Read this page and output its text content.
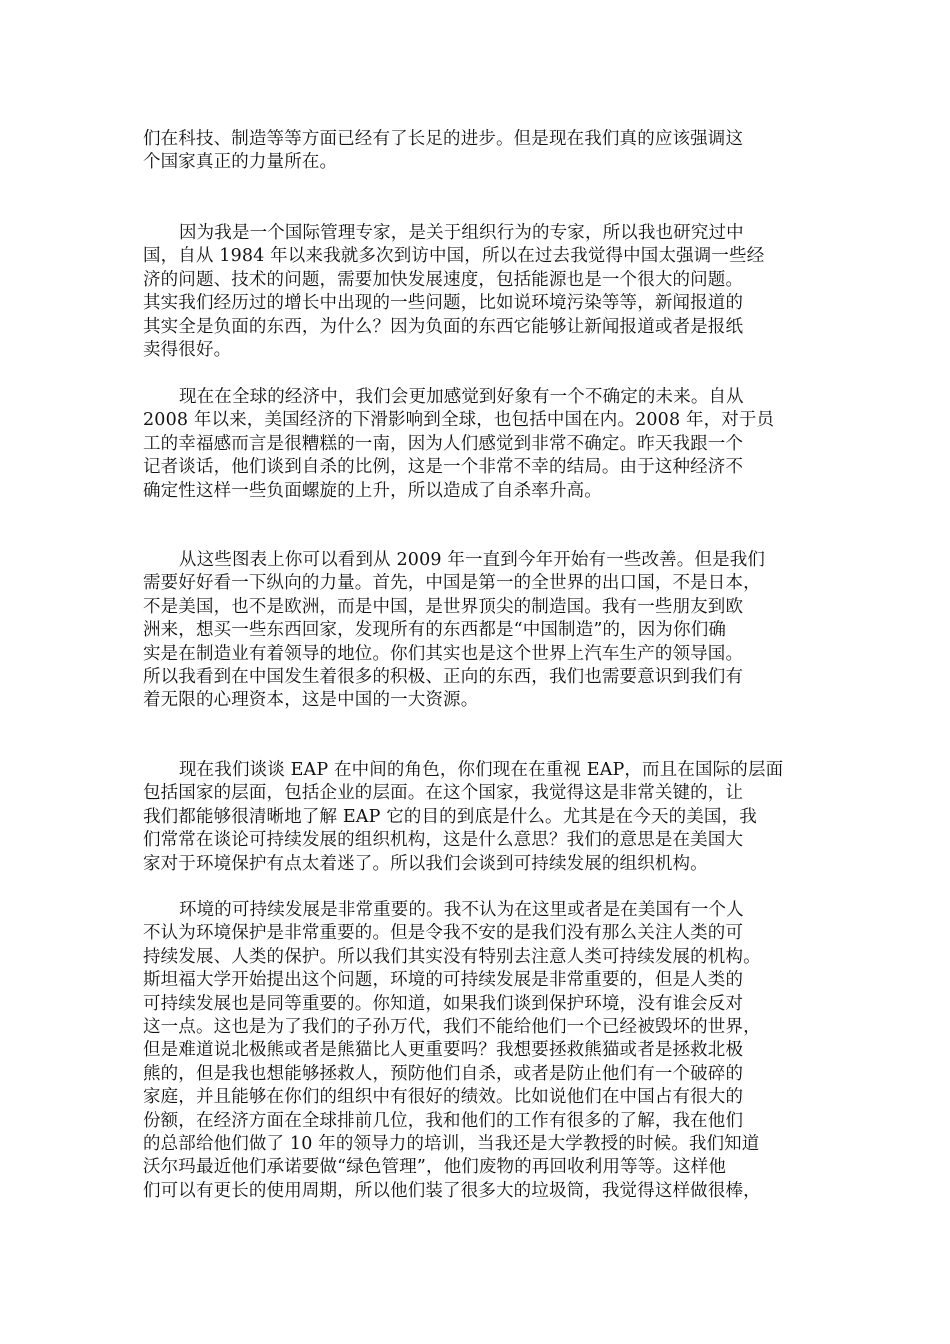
们在科技、制造等等方面已经有了长足的进步。但是现在我们真的应该强调这
个国家真正的力量所在。
因为我是一个国际管理专家，是关于组织行为的专家，所以我也研究过中
国，自从 1984 年以来我就多次到访中国，所以在过去我觉得中国太强调一些经
济的问题、技术的问题，需要加快发展速度，包括能源也是一个很大的问题。
其实我们经历过的增长中出现的一些问题，比如说环境污染等等，新闻报道的
其实全是负面的东西，为什么？因为负面的东西它能够让新闻报道或者是报纸
卖得很好。
现在在全球的经济中，我们会更加感觉到好象有一个不确定的未来。自从
2008 年以来，美国经济的下滑影响到全球，也包括中国在内。2008 年，对于员
工的幸福感而言是很糟糕的一南，因为人们感觉到非常不确定。昨天我跟一个
记者谈话，他们谈到自杀的比例，这是一个非常不幸的结局。由于这种经济不
确定性这样一些负面螺旋的上升，所以造成了自杀率升高。
从这些图表上你可以看到从 2009 年一直到今年开始有一些改善。但是我们
需要好好看一下纵向的力量。首先，中国是第一的全世界的出口国，不是日本，
不是美国，也不是欧洲，而是中国，是世界顶尖的制造国。我有一些朋友到欧
洲来，想买一些东西回家，发现所有的东西都是“中国制造”的，因为你们确
实是在制造业有着领导的地位。你们其实也是这个世界上汽车生产的领导国。
所以我看到在中国发生着很多的积极、正向的东西，我们也需要意识到我们有
着无限的心理资本，这是中国的一大资源。
现在我们谈谈 EAP 在中间的角色，你们现在在重视 EAP，而且在国际的层面
包括国家的层面，包括企业的层面。在这个国家，我觉得这是非常关键的，让
我们都能够很清晰地了解 EAP 它的目的到底是什么。尤其是在今天的美国，我
们常常在谈论可持续发展的组织机构，这是什么意思？我们的意思是在美国大
家对于环境保护有点太着迷了。所以我们会谈到可持续发展的组织机构。
环境的可持续发展是非常重要的。我不认为在这里或者是在美国有一个人
不认为环境保护是非常重要的。但是令我不安的是我们没有那么关注人类的可
持续发展、人类的保护。所以我们其实没有特别去注意人类可持续发展的机构。
斯坦福大学开始提出这个问题，环境的可持续发展是非常重要的，但是人类的
可持续发展也是同等重要的。你知道，如果我们谈到保护环境，没有谁会反对
这一点。这也是为了我们的子孙万代，我们不能给他们一个已经被毁坏的世界，
但是难道说北极熊或者是熊猫比人更重要吗？我想要拯救熊猫或者是拯救北极
熊的，但是我也想能够拯救人，预防他们自杀，或者是防止他们有一个破碎的
家庭，并且能够在你们的组织中有很好的绩效。比如说他们在中国占有很大的
份额，在经济方面在全球排前几位，我和他们的工作有很多的了解，我在他们
的总部给他们做了 10 年的领导力的培训，当我还是大学教授的时候。我们知道
沃尔玛最近他们承诺要做“绿色管理”，他们废物的再回收利用等等。这样他
们可以有更长的使用周期，所以他们装了很多大的垃圾筒，我觉得这样做很棒，
